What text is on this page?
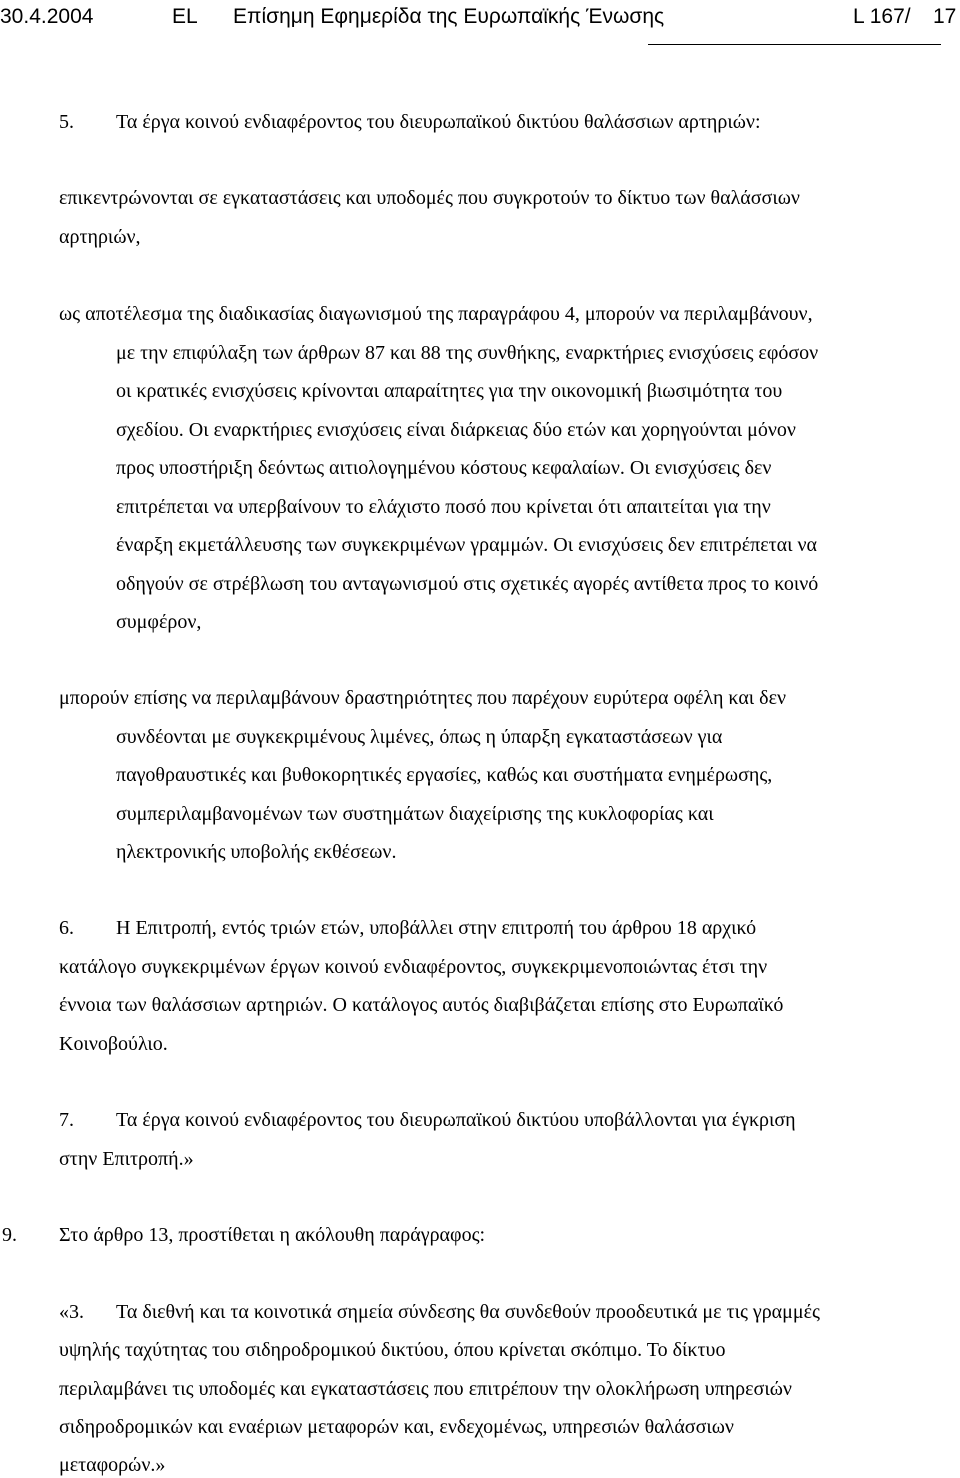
30.4.2004	EL Επίσημη Εφημερίδα της Ευρωπαϊκής Ένωσης	L 167/ 17
5. Τα έργα κοινού ενδιαφέροντος του διευρωπαϊκού δικτύου θαλάσσιων αρτηριών:
επικεντρώνονται σε εγκαταστάσεις και υποδομές που συγκροτούν το δίκτυο των θαλάσσιων
αρτηριών,
ως αποτέλεσμα της διαδικασίας διαγωνισμού της παραγράφου 4, μπορούν να περιλαμβάνουν,
με την επιφύλαξη των άρθρων 87 και 88 της συνθήκης, εναρκτήριες ενισχύσεις εφόσον
οι κρατικές ενισχύσεις κρίνονται απαραίτητες για την οικονομική βιωσιμότητα του
σχεδίου. Οι εναρκτήριες ενισχύσεις είναι διάρκειας δύο ετών και χορηγούνται μόνον
προς υποστήριξη δεόντως αιτιολογημένου κόστους κεφαλαίων. Οι ενισχύσεις δεν
επιτρέπεται να υπερβαίνουν το ελάχιστο ποσό που κρίνεται ότι απαιτείται για την
έναρξη εκμετάλλευσης των συγκεκριμένων γραμμών. Οι ενισχύσεις δεν επιτρέπεται να
οδηγούν σε στρέβλωση του ανταγωνισμού στις σχετικές αγορές αντίθετα προς το κοινό
συμφέρον,
μπορούν επίσης να περιλαμβάνουν δραστηριότητες που παρέχουν ευρύτερα οφέλη και δεν
συνδέονται με συγκεκριμένους λιμένες, όπως η ύπαρξη εγκαταστάσεων για
παγοθραυστικές και βυθοκορητικές εργασίες, καθώς και συστήματα ενημέρωσης,
συμπεριλαμβανομένων των συστημάτων διαχείρισης της κυκλοφορίας και
ηλεκτρονικής υποβολής εκθέσεων.
6. Η Επιτροπή, εντός τριών ετών, υποβάλλει στην επιτροπή του άρθρου 18 αρχικό
κατάλογο συγκεκριμένων έργων κοινού ενδιαφέροντος, συγκεκριμενοποιώντας έτσι την
έννοια των θαλάσσιων αρτηριών. Ο κατάλογος αυτός διαβιβάζεται επίσης στο Ευρωπαϊκό
Κοινοβούλιο.
7. Τα έργα κοινού ενδιαφέροντος του διευρωπαϊκού δικτύου υποβάλλονται για έγκριση
στην Επιτροπή.»
9. Στο άρθρο 13, προστίθεται η ακόλουθη παράγραφος:
«3. Τα διεθνή και τα κοινοτικά σημεία σύνδεσης θα συνδεθούν προοδευτικά με τις γραμμές
υψηλής ταχύτητας του σιδηροδρομικού δικτύου, όπου κρίνεται σκόπιμο. Το δίκτυο
περιλαμβάνει τις υποδομές και εγκαταστάσεις που επιτρέπουν την ολοκλήρωση υπηρεσιών
σιδηροδρομικών και εναέριων μεταφορών και, ενδεχομένως, υπηρεσιών θαλάσσιων
μεταφορών.»
